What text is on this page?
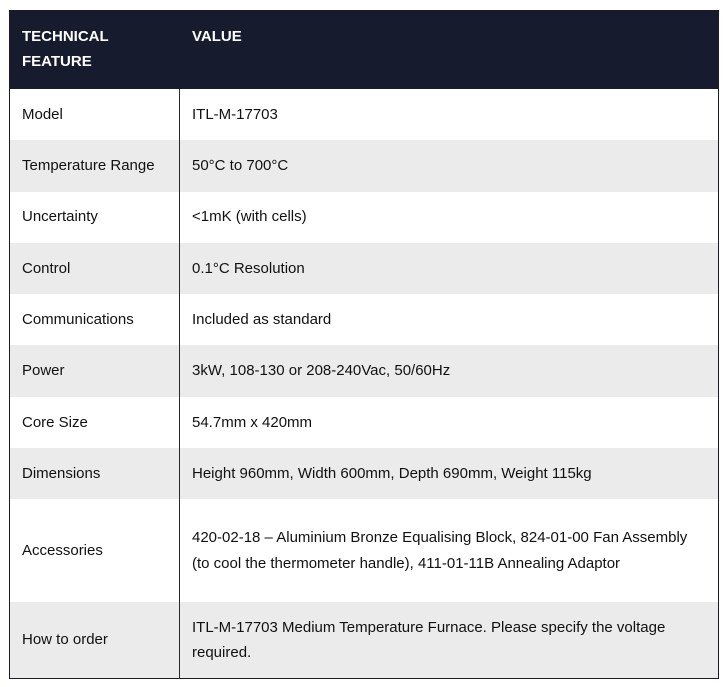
TECHNICAL FEATURE	VALUE
Model	ITL-M-17703
Temperature Range	50°C to 700°C
Uncertainty	<1mK (with cells)
Control	0.1°C Resolution
Communications	Included as standard
Power	3kW, 108-130 or 208-240Vac, 50/60Hz
Core Size	54.7mm x 420mm
Dimensions	Height 960mm, Width 600mm, Depth 690mm, Weight 115kg
Accessories	420-02-18 – Aluminium Bronze Equalising Block, 824-01-00 Fan Assembly (to cool the thermometer handle), 411-01-11B Annealing Adaptor
How to order	ITL-M-17703 Medium Temperature Furnace. Please specify the voltage required.
